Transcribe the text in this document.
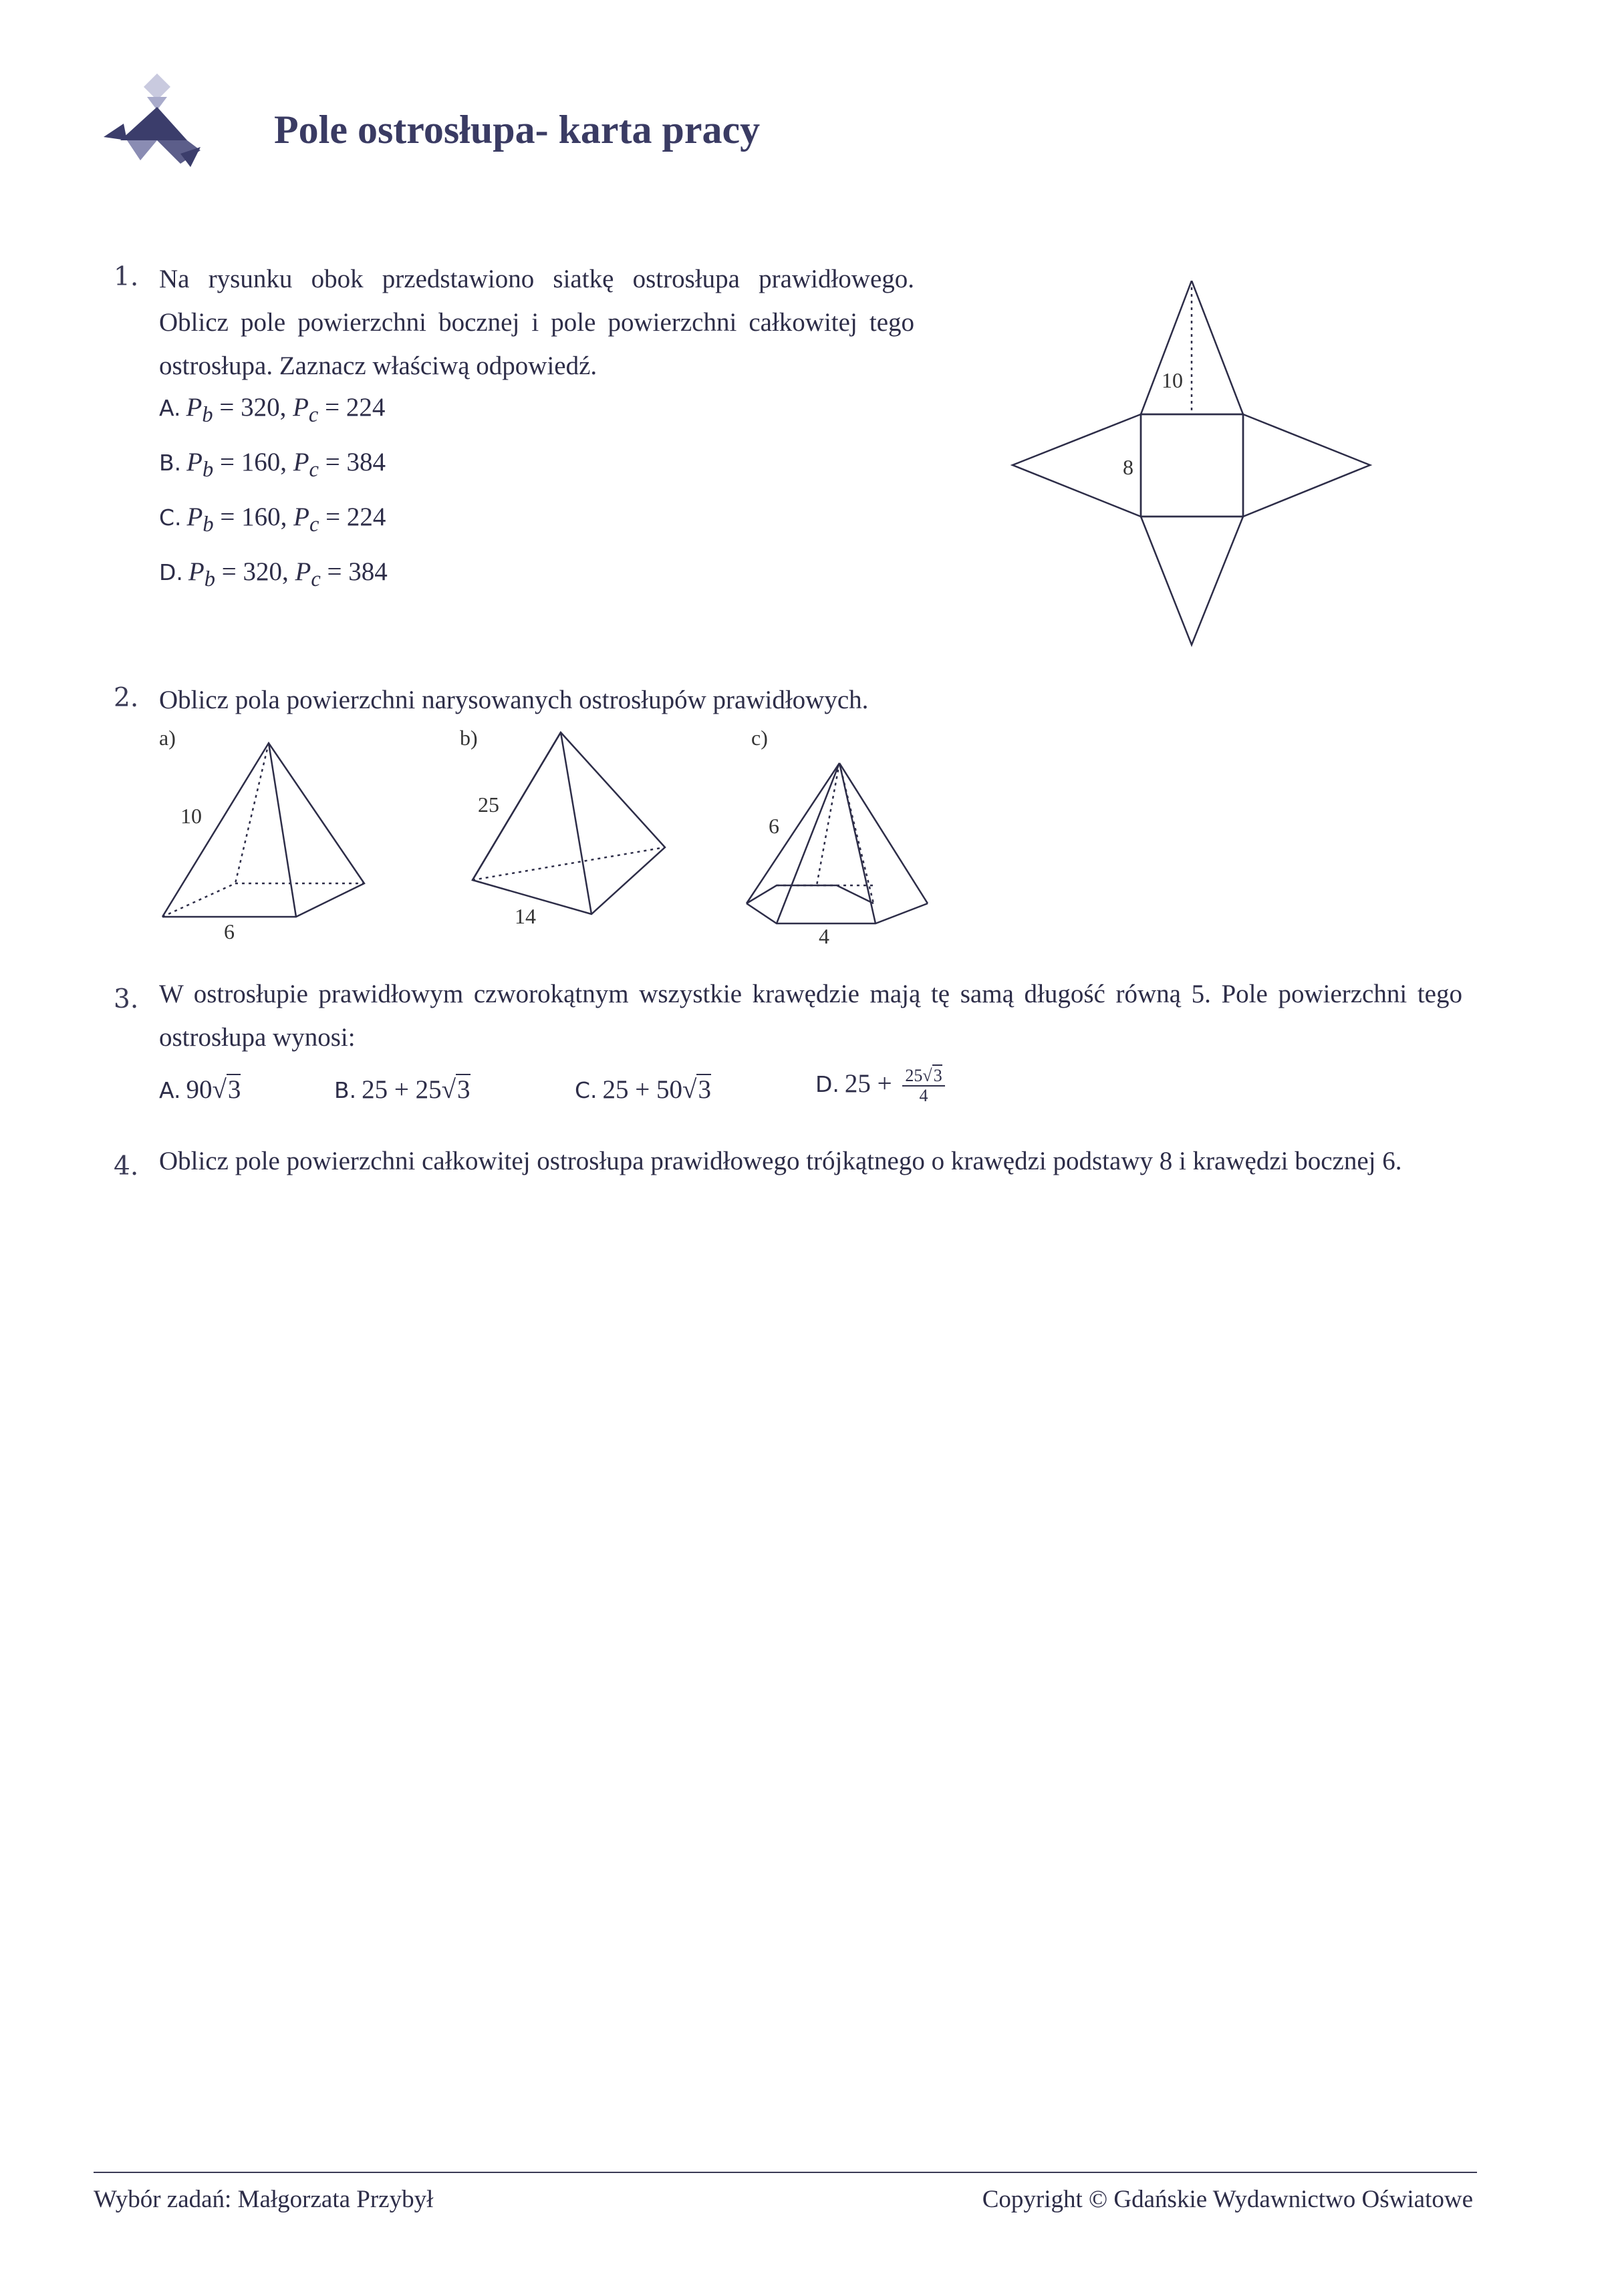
Pole ostrosłupa- karta pracy
1. Na rysunku obok przedstawiono siatkę ostrosłupa prawidłowego. Oblicz pole powierzchni bocznej i pole powierzchni całkowitej tego ostrosłupa. Zaznacz właściwą odpowiedź.
A. $P_b = 320$, $P_c = 224$
B. $P_b = 160$, $P_c = 384$
C. $P_b = 160$, $P_c = 224$
D. $P_b = 320$, $P_c = 384$
10
8
2. Oblicz pola powierzchni narysowanych ostrosłupów prawidłowych.
a)	b)	c)
10
6
25
14
6
4
3. W ostrosłupie prawidłowym czworokątnym wszystkie krawędzie mają tę samą długość równą 5. Pole powierzchni tego ostrosłupa wynosi:
A. 90√3	B. 25 + 25√3	C. 25 + 50√3	D. $25 + \frac{25√3}{4}$
4. Oblicz pole powierzchni całkowitej ostrosłupa prawidłowego trójkątnego o krawędzi podstawy 8 i krawędzi bocznej 6.
Wybór zadań: Małgorzata Przybył	Copyright © Gdańskie Wydawnictwo Oświatowe
